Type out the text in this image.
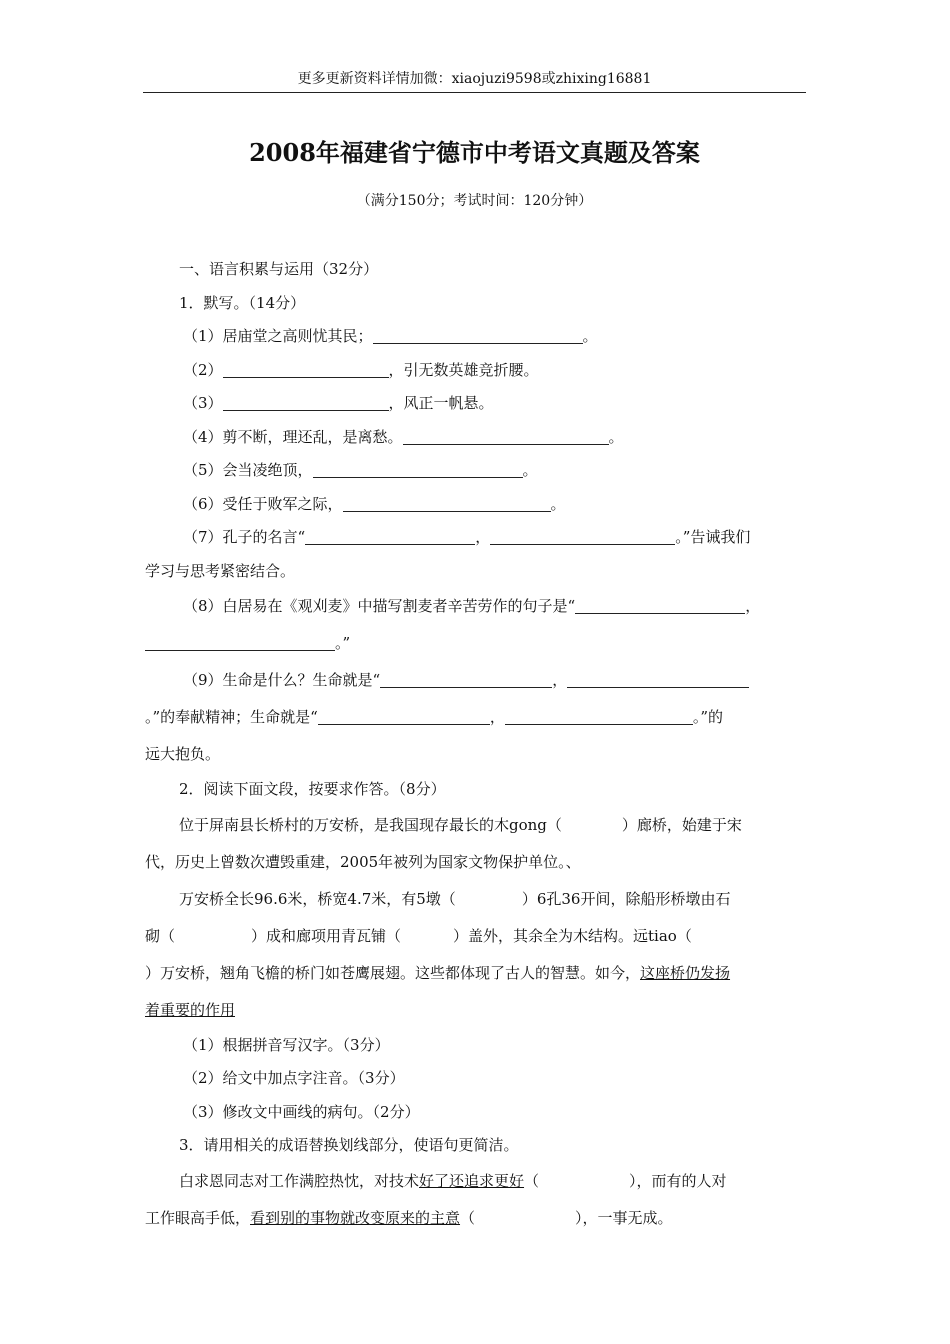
更多更新资料详情加微：xiaojuzi9598或zhixing16881
2008年福建省宁德市中考语文真题及答案
（满分150分；考试时间：120分钟）

一、语言积累与运用（32分）

1．默写。（14分）

（1）居庙堂之高则忧其民；	。

（2）	，引无数英雄竞折腰。

（3）	，风正一帆悬。

（4）剪不断，理还乱，是离愁。	。

（5）会当凌绝顶，	。

（6）受任于败军之际，	。

（7）孔子的名言“	，	。”告诫我们

学习与思考紧密结合。

（8）白居易在《观刈麦》中描写割麦者辛苦劳作的句子是“	，

。”

（9）生命是什么？生命就是“	，

。”的奉献精神；生命就是“	，	。”的

远大抱负。

2．阅读下面文段，按要求作答。（8分）

位于屏南县长桥村的万安桥，是我国现存最长的木gong（	）廊桥，始建于宋

代，历史上曾数次遭毁重建，2005年被列为国家文物保护单位。、

万安桥全长96.6米，桥宽4.7米，有5墩（	）6孔36开间，除船形桥墩由石

砌（	）成和廊项用青瓦铺（	）盖外，其余全为木结构。远tiao（

）万安桥，翘角飞檐的桥门如苍鹰展翅。这些都体现了古人的智慧。如今，这座桥仍发扬

着重要的作用

（1）根据拼音写汉字。（3分）

（2）给文中加点字注音。（3分）

（3）修改文中画线的病句。（2分）

3．请用相关的成语替换划线部分，使语句更简洁。

白求恩同志对工作满腔热忱，对技术好了还追求更好（	），而有的人对

工作眼高手低，看到别的事物就改变原来的主意（	），一事无成。
